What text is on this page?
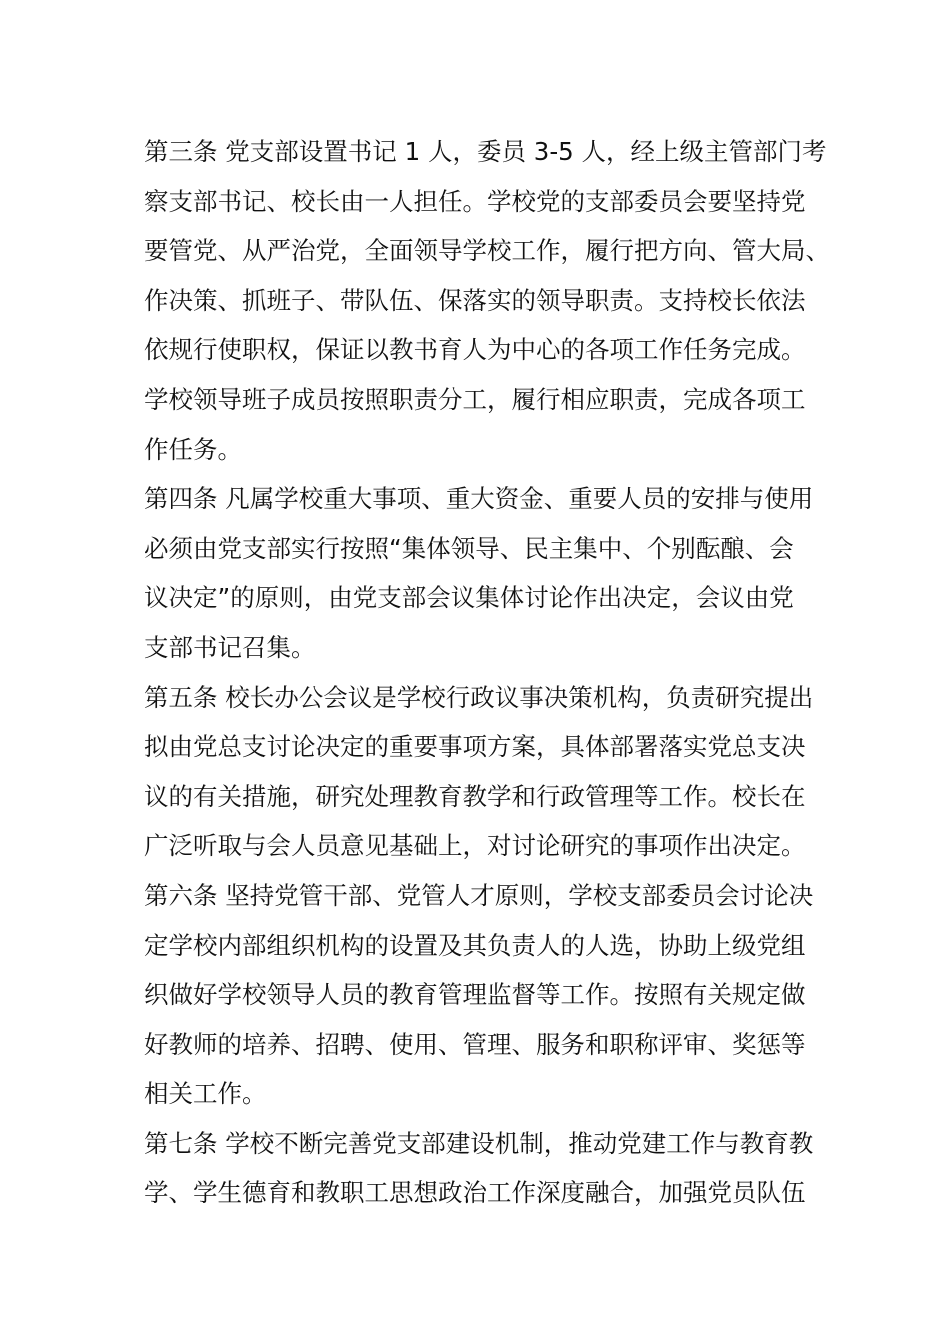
第三条 党支部设置书记 1 人，委员 3-5 人，经上级主管部门考
察支部书记、校长由一人担任。学校党的支部委员会要坚持党
要管党、从严治党，全面领导学校工作，履行把方向、管大局、
作决策、抓班子、带队伍、保落实的领导职责。支持校长依法
依规行使职权，保证以教书育人为中心的各项工作任务完成。
学校领导班子成员按照职责分工，履行相应职责，完成各项工
作任务。
第四条 凡属学校重大事项、重大资金、重要人员的安排与使用
必须由党支部实行按照“集体领导、民主集中、个别酝酿、会
议决定”的原则，由党支部会议集体讨论作出决定，会议由党
支部书记召集。
第五条 校长办公会议是学校行政议事决策机构，负责研究提出
拟由党总支讨论决定的重要事项方案，具体部署落实党总支决
议的有关措施，研究处理教育教学和行政管理等工作。校长在
广泛听取与会人员意见基础上，对讨论研究的事项作出决定。
第六条 坚持党管干部、党管人才原则，学校支部委员会讨论决
定学校内部组织机构的设置及其负责人的人选，协助上级党组
织做好学校领导人员的教育管理监督等工作。按照有关规定做
好教师的培养、招聘、使用、管理、服务和职称评审、奖惩等
相关工作。
第七条 学校不断完善党支部建设机制，推动党建工作与教育教
学、学生德育和教职工思想政治工作深度融合，加强党员队伍
